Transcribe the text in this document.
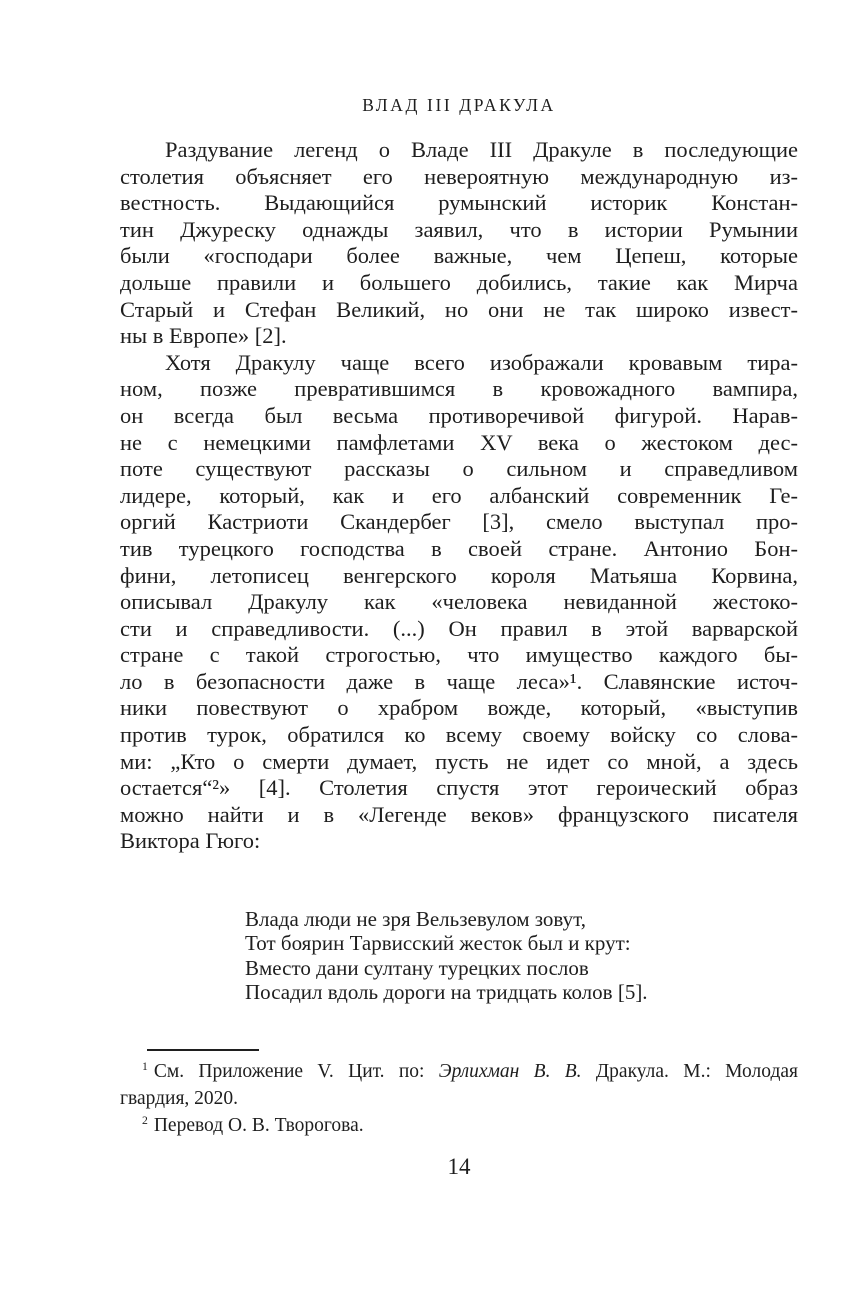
ВЛАД III ДРАКУЛА
Раздувание легенд о Владе III Дракуле в последующие
столетия объясняет его невероятную международную из-
вестность. Выдающийся румынский историк Констан-
тин Джуреску однажды заявил, что в истории Румынии
были «господари более важные, чем Цепеш, которые
дольше правили и большего добились, такие как Мирча
Старый и Стефан Великий, но они не так широко извест-
ны в Европе» [2].
Хотя Дракулу чаще всего изображали кровавым тира-
ном, позже превратившимся в кровожадного вампира,
он всегда был весьма противоречивой фигурой. Нарав-
не с немецкими памфлетами XV века о жестоком дес-
поте существуют рассказы о сильном и справедливом
лидере, который, как и его албанский современник Ге-
оргий Кастриоти Скандербег [3], смело выступал про-
тив турецкого господства в своей стране. Антонио Бон-
фини, летописец венгерского короля Матьяша Корвина,
описывал Дракулу как «человека невиданной жестоко-
сти и справедливости. (...) Он правил в этой варварской
стране с такой строгостью, что имущество каждого бы-
ло в безопасности даже в чаще леса»¹. Славянские источ-
ники повествуют о храбром вожде, который, «выступив
против турок, обратился ко всему своему войску со слова-
ми: „Кто о смерти думает, пусть не идет со мной, а здесь
остается“²» [4]. Столетия спустя этот героический образ
можно найти и в «Легенде веков» французского писателя
Виктора Гюго:
Влада люди не зря Вельзевулом зовут,
Тот боярин Тарвисский жесток был и крут:
Вместо дани султану турецких послов
Посадил вдоль дороги на тридцать колов [5].
$^1$ См. Приложение V. Цит. по: Эрлихман В. В. Дракула. М.: Молодая
гвардия, 2020.
$^2$ Перевод О. В. Творогова.
14
